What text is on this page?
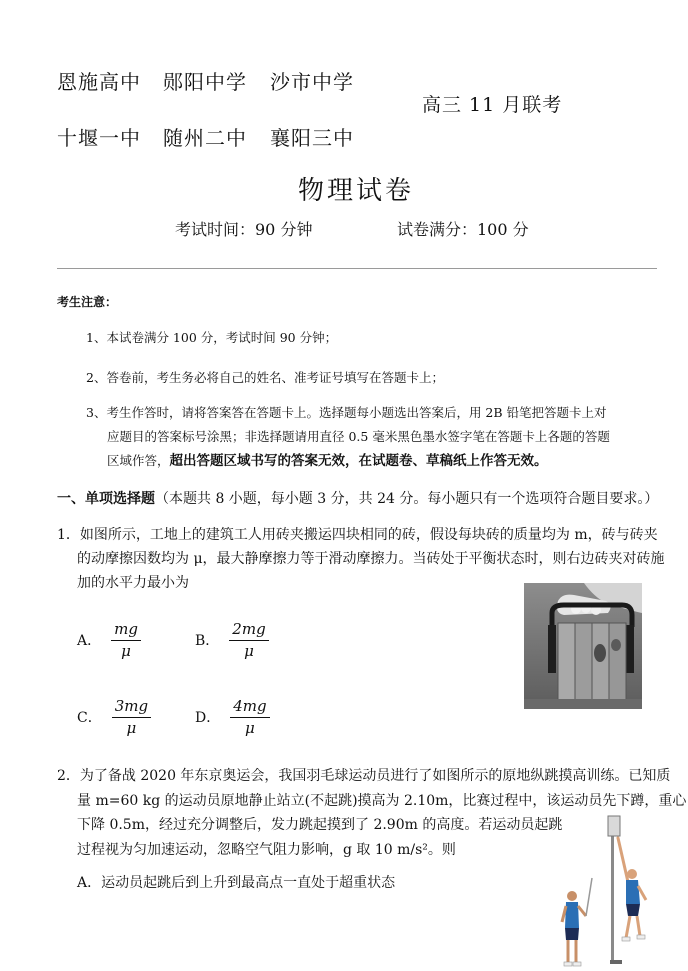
恩施高中 郧阳中学 沙市中学
高三 11 月联考
十堰一中 随州二中 襄阳三中
物理试卷
考试时间：90 分钟	试卷满分：100 分
考生注意：
1、本试卷满分 100 分，考试时间 90 分钟；
2、答卷前，考生务必将自己的姓名、准考证号填写在答题卡上；
3、考生作答时，请将答案答在答题卡上。选择题每小题选出答案后，用 2B 铅笔把答题卡上对
应题目的答案标号涂黑；非选择题请用直径 0.5 毫米黑色墨水签字笔在答题卡上各题的答题
区域作答，超出答题区域书写的答案无效，在试题卷、草稿纸上作答无效。
一、单项选择题（本题共 8 小题，每小题 3 分，共 24 分。每小题只有一个选项符合题目要求。）
1．如图所示，工地上的建筑工人用砖夹搬运四块相同的砖，假设每块砖的质量均为 m，砖与砖夹
的动摩擦因数均为 μ，最大静摩擦力等于滑动摩擦力。当砖处于平衡状态时，则右边砖夹对砖施
加的水平力最小为
A． $\frac{mg}{\mu}$	B． $\frac{2mg}{\mu}$
C． $\frac{3mg}{\mu}$	D． $\frac{4mg}{\mu}$
2．为了备战 2020 年东京奥运会，我国羽毛球运动员进行了如图所示的原地纵跳摸高训练。已知质
量 m=60 kg 的运动员原地静止站立(不起跳)摸高为 2.10m，比赛过程中，该运动员先下蹲，重心
下降 0.5m，经过充分调整后，发力跳起摸到了 2.90m 的高度。若运动员起跳
过程视为匀加速运动，忽略空气阻力影响，g 取 10 m/s²。则
A．运动员起跳后到上升到最高点一直处于超重状态
